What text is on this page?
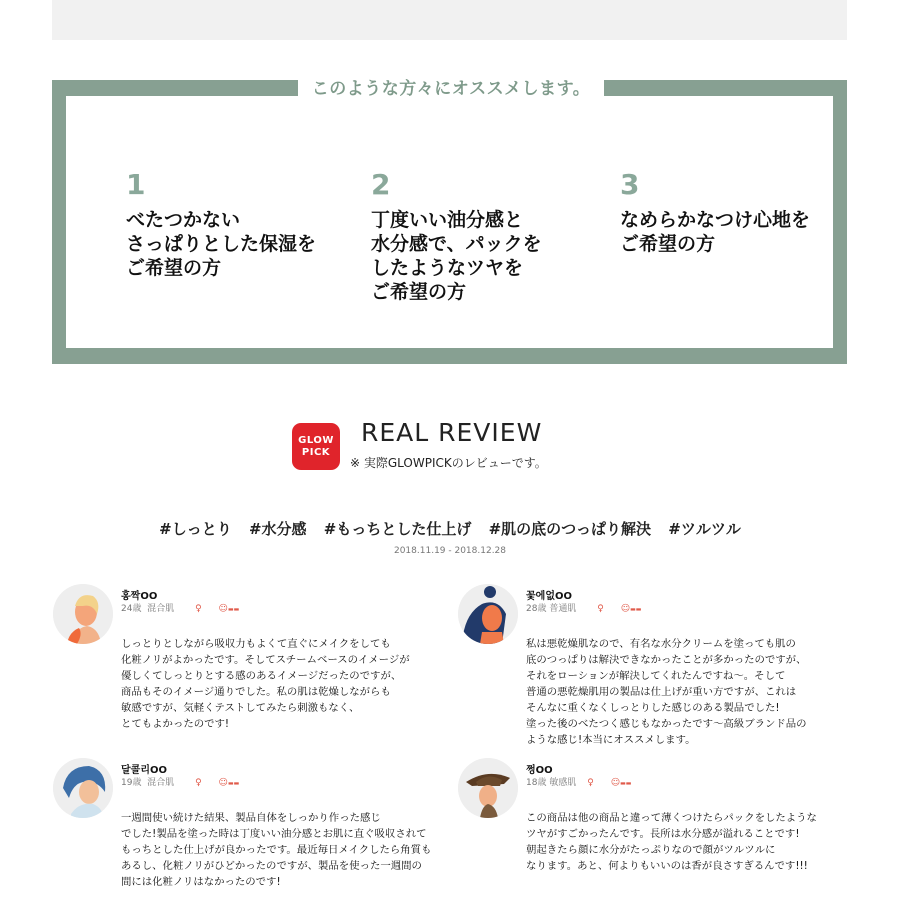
このような方々にオススメします。
1
べたつかない
さっぱりとした保湿を
ご希望の方
2
丁度いい油分感と
水分感で、パックを
したようなツヤを
ご希望の方
3
なめらかなつけ心地を
ご希望の方
GLOW
PICK
REAL REVIEW
※ 実際GLOWPICKのレビューです。
#しっとり #水分感 #もっちとした仕上げ #肌の底のつっぱり解決 #ツルツル
2018.11.19 - 2018.12.28
홍짝OO
24歳 混合肌 ♀ ☺▬▬
しっとりとしながら吸収力もよくて直ぐにメイクをしても
化粧ノリがよかったです。そしてスチームベースのイメージが
優しくてしっとりとする感のあるイメージだったのですが、
商品もそのイメージ通りでした。私の肌は乾燥しながらも
敏感ですが、気軽くテストしてみたら刺激もなく、
とてもよかったのです!
꽃에없OO
28歳 普通肌 ♀ ☺▬▬
私は悪乾燥肌なので、有名な水分クリームを塗っても肌の
底のつっぱりは解決できなかったことが多かったのですが、
それをローションが解決してくれたんですね〜。そして
普通の悪乾燥肌用の製品は仕上げが重い方ですが、これは
そんなに重くなくしっとりした感じのある製品でした!
塗った後のべたつく感じもなかったです〜高級ブランド品の
ような感じ!本当にオススメします。
달콜리OO
19歳 混合肌 ♀ ☺▬▬
一週間使い続けた結果、製品自体をしっかり作った感じ
でした!製品を塗った時は丁度いい油分感とお肌に直ぐ吸収されて
もっちとした仕上げが良かったです。最近毎日メイクしたら角質も
あるし、化粧ノリがひどかったのですが、製品を使った一週間の
間には化粧ノリはなかったのです!
쩡OO
18歳 敏感肌 ♀ ☺▬▬
この商品は他の商品と違って薄くつけたらパックをしたような
ツヤがすごかったんです。長所は水分感が溢れることです!
朝起きたら顔に水分がたっぷりなので顔がツルツルに
なります。あと、何よりもいいのは香が良さすぎるんです!!!
